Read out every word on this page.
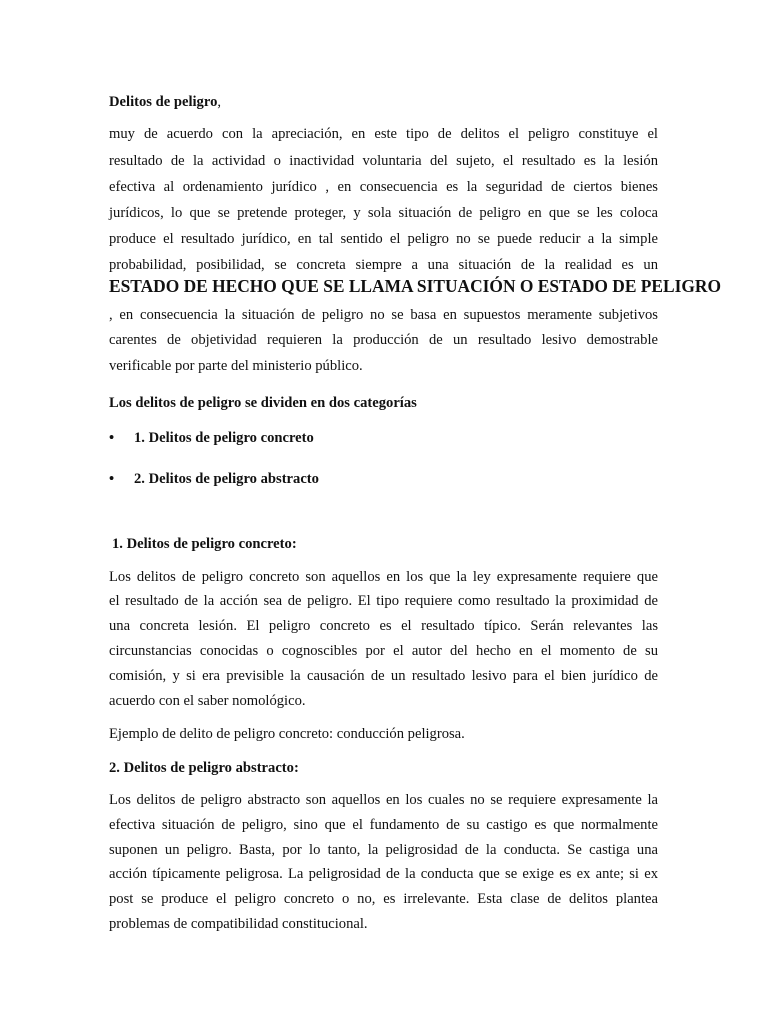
Delitos de peligro,
muy de acuerdo con la apreciación, en este tipo de delitos el peligro constituye el
resultado de la actividad o inactividad voluntaria del sujeto, el resultado es la lesión
efectiva al ordenamiento jurídico , en consecuencia es la seguridad de ciertos bienes
jurídicos, lo que se pretende proteger, y sola situación de peligro en que se les coloca
produce el resultado jurídico, en tal sentido el peligro no se puede reducir a la simple
probabilidad, posibilidad, se concreta siempre a una situación de la realidad es un
ESTADO DE HECHO QUE SE LLAMA SITUACIÓN O ESTADO DE PELIGRO
, en consecuencia la situación de peligro no se basa en supuestos meramente subjetivos
carentes de objetividad requieren la producción de un resultado lesivo demostrable
verificable por parte del ministerio público.
Los delitos de peligro se dividen en dos categorías
• 1. Delitos de peligro concreto
• 2. Delitos de peligro abstracto
1. Delitos de peligro concreto:
Los delitos de peligro concreto son aquellos en los que la ley expresamente requiere que
el resultado de la acción sea de peligro. El tipo requiere como resultado la proximidad de
una concreta lesión. El peligro concreto es el resultado típico. Serán relevantes las
circunstancias conocidas o cognoscibles por el autor del hecho en el momento de su
comisión, y si era previsible la causación de un resultado lesivo para el bien jurídico de
acuerdo con el saber nomológico.
Ejemplo de delito de peligro concreto: conducción peligrosa.
2. Delitos de peligro abstracto:
Los delitos de peligro abstracto son aquellos en los cuales no se requiere expresamente la
efectiva situación de peligro, sino que el fundamento de su castigo es que normalmente
suponen un peligro. Basta, por lo tanto, la peligrosidad de la conducta. Se castiga una
acción típicamente peligrosa. La peligrosidad de la conducta que se exige es ex ante; si ex
post se produce el peligro concreto o no, es irrelevante. Esta clase de delitos plantea
problemas de compatibilidad constitucional.
